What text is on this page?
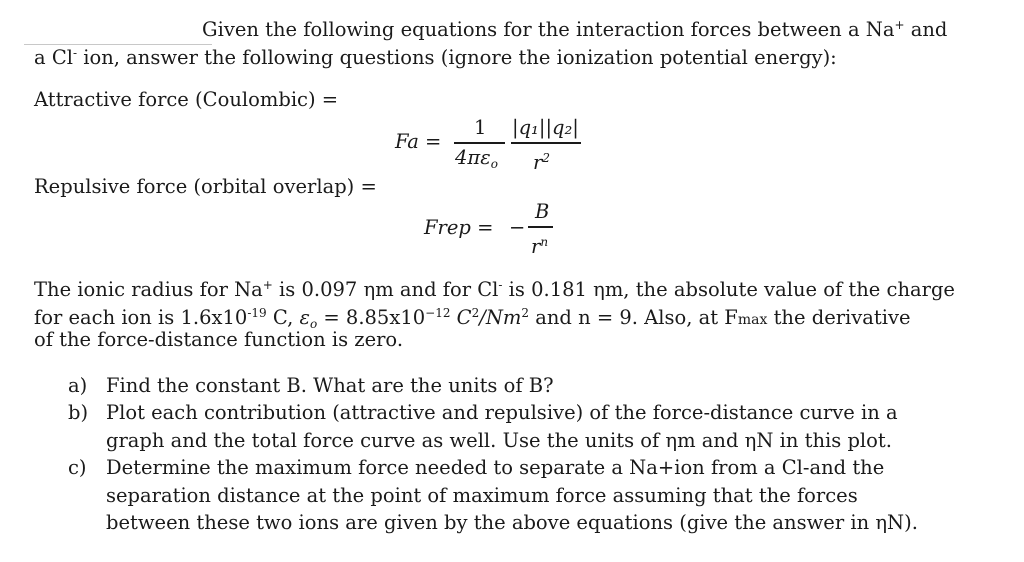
Given the following equations for the interaction forces between a Na+ and
a Cl- ion, answer the following questions (ignore the ionization potential energy):
Attractive force (Coulombic) =
Fa =
1
$4\pi\varepsilon_o$
|q₁||q₂|
$r^2$
Repulsive force (orbital overlap) =
Frep = −
B
$r^n$
The ionic radius for Na+ is 0.097 ηm and for Cl- is 0.181 ηm, the absolute value of the charge
for each ion is $1.6x10^{-19}$ C, $\varepsilon_o = 8.85x10^{-12}$ $C^2/Nm^2$ and n = 9. Also, at Fmax the derivative
of the force-distance function is zero.
a) Find the constant B. What are the units of B?
b) Plot each contribution (attractive and repulsive) of the force-distance curve in a
graph and the total force curve as well. Use the units of ηm and ηN in this plot.
c) Determine the maximum force needed to separate a Na+ion from a Cl-and the
separation distance at the point of maximum force assuming that the forces
between these two ions are given by the above equations (give the answer in ηN).
